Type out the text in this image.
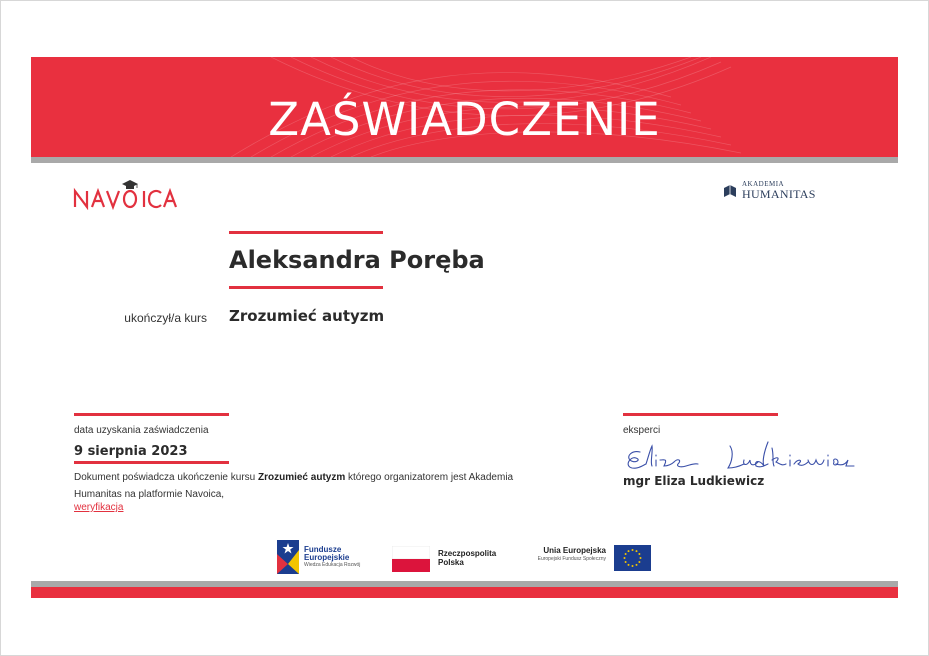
ZAŚWIADCZENIE
AKADEMIA
HUMANITAS
Aleksandra Poręba
ukończył/a kurs Zrozumieć autyzm
data uzyskania zaświadczenia
9 sierpnia 2023
Dokument poświadcza ukończenie kursu Zrozumieć autyzm którego organizatorem jest Akademia Humanitas na platformie Navoica,
weryfikacja
eksperci
mgr Eliza Ludkiewicz
Fundusze
Europejskie
Wiedza Edukacja Rozwój
Rzeczpospolita
Polska
Unia Europejska
Europejski Fundusz Społeczny
